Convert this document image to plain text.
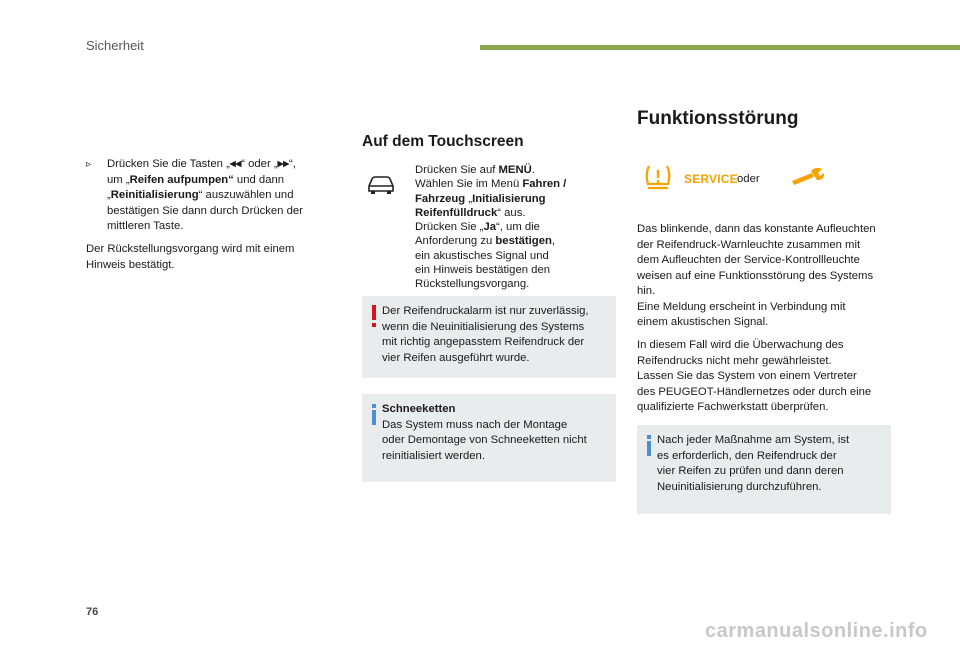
Sicherheit
▹ Drücken Sie die Tasten „◂◂“ oder „▸▸“,
um „Reifen aufpumpen“ und dann
„Reinitialisierung“ auszuwählen und
bestätigen Sie dann durch Drücken der
mittleren Taste.
Der Rückstellungsvorgang wird mit einem
Hinweis bestätigt.
Auf dem Touchscreen
Drücken Sie auf MENÜ.
Wählen Sie im Menü Fahren /
Fahrzeug „Initialisierung
Reifenfülldruck“ aus.
Drücken Sie „Ja“, um die
Anforderung zu bestätigen,
ein akustisches Signal und
ein Hinweis bestätigen den
Rückstellungsvorgang.
Der Reifendruckalarm ist nur zuverlässig,
wenn die Neuinitialisierung des Systems
mit richtig angepasstem Reifendruck der
vier Reifen ausgeführt wurde.
Schneeketten
Das System muss nach der Montage
oder Demontage von Schneeketten nicht
reinitialisiert werden.
Funktionsstörung
SERVICE oder
Das blinkende, dann das konstante Aufleuchten
der Reifendruck-Warnleuchte zusammen mit
dem Aufleuchten der Service-Kontrollleuchte
weisen auf eine Funktionsstörung des Systems
hin.
Eine Meldung erscheint in Verbindung mit
einem akustischen Signal.
In diesem Fall wird die Überwachung des
Reifendrucks nicht mehr gewährleistet.
Lassen Sie das System von einem Vertreter
des PEUGEOT-Händlernetzes oder durch eine
qualifizierte Fachwerkstatt überprüfen.
Nach jeder Maßnahme am System, ist
es erforderlich, den Reifendruck der
vier Reifen zu prüfen und dann deren
Neuinitialisierung durchzuführen.
76
carmanualsonline.info
